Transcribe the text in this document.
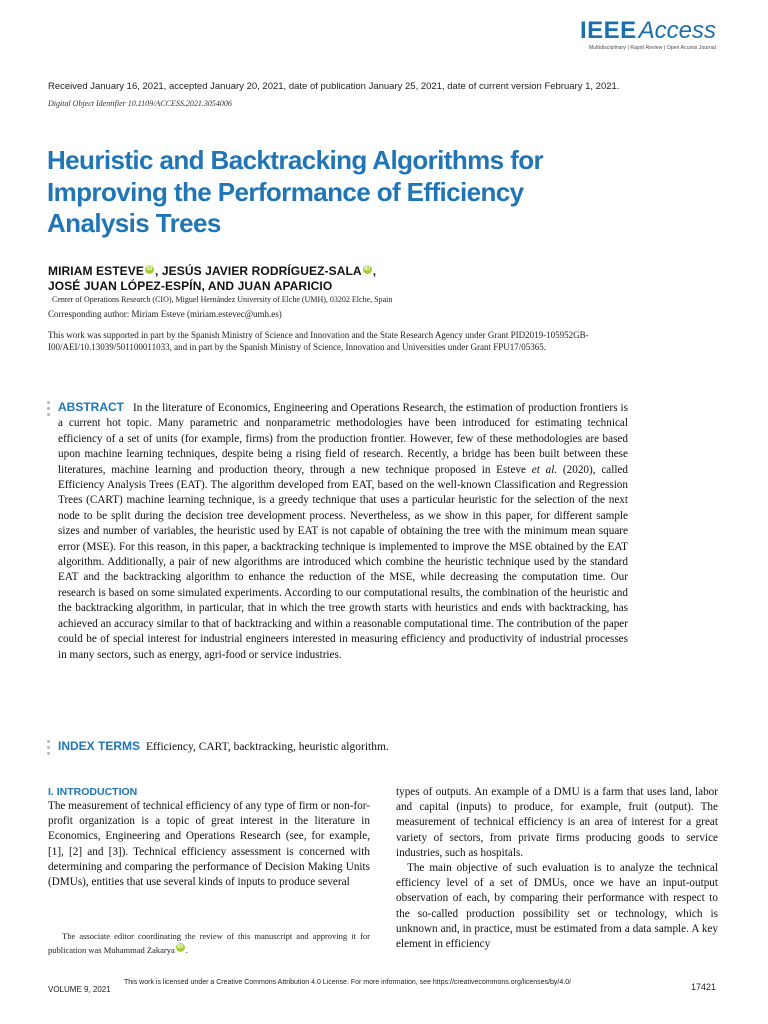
IEEEAccess
Multidisciplinary | Rapid Review | Open Access Journal
Received January 16, 2021, accepted January 20, 2021, date of publication January 25, 2021, date of current version February 1, 2021.
Digital Object Identifier 10.1109/ACCESS.2021.3054006
Heuristic and Backtracking Algorithms for Improving the Performance of Efficiency Analysis Trees
MIRIAM ESTEVE iD , JESÚS JAVIER RODRÍGUEZ-SALA iD ,
JOSÉ JUAN LÓPEZ-ESPÍN, AND JUAN APARICIO
Center of Operations Research (CIO), Miguel Hernández University of Elche (UMH), 03202 Elche, Spain
Corresponding author: Miriam Esteve (miriam.estevec@umh.es)
This work was supported in part by the Spanish Ministry of Science and Innovation and the State Research Agency under Grant PID2019-105952GB-I00/AEI/10.13039/501100011033, and in part by the Spanish Ministry of Science, Innovation and Universities under Grant FPU17/05365.
ABSTRACT In the literature of Economics, Engineering and Operations Research, the estimation of production frontiers is a current hot topic. Many parametric and nonparametric methodologies have been introduced for estimating technical efficiency of a set of units (for example, firms) from the production frontier. However, few of these methodologies are based upon machine learning techniques, despite being a rising field of research. Recently, a bridge has been built between these literatures, machine learning and production theory, through a new technique proposed in Esteve et al. (2020), called Efficiency Analysis Trees (EAT). The algorithm developed from EAT, based on the well-known Classification and Regression Trees (CART) machine learning technique, is a greedy technique that uses a particular heuristic for the selection of the next node to be split during the decision tree development process. Nevertheless, as we show in this paper, for different sample sizes and number of variables, the heuristic used by EAT is not capable of obtaining the tree with the minimum mean square error (MSE). For this reason, in this paper, a backtracking technique is implemented to improve the MSE obtained by the EAT algorithm. Additionally, a pair of new algorithms are introduced which combine the heuristic technique used by the standard EAT and the backtracking algorithm to enhance the reduction of the MSE, while decreasing the computation time. Our research is based on some simulated experiments. According to our computational results, the combination of the heuristic and the backtracking algorithm, in particular, that in which the tree growth starts with heuristics and ends with backtracking, has achieved an accuracy similar to that of backtracking and within a reasonable computational time. The contribution of the paper could be of special interest for industrial engineers interested in measuring efficiency and productivity of industrial processes in many sectors, such as energy, agri-food or service industries.
INDEX TERMS Efficiency, CART, backtracking, heuristic algorithm.
I. INTRODUCTION

The measurement of technical efficiency of any type of firm or non-for-profit organization is a topic of great interest in the literature in Economics, Engineering and Operations Research (see, for example, [1], [2] and [3]). Technical efficiency assessment is concerned with determining and comparing the performance of Decision Making Units (DMUs), entities that use several kinds of inputs to produce several

types of outputs. An example of a DMU is a farm that uses land, labor and capital (inputs) to produce, for example, fruit (output). The measurement of technical efficiency is an area of interest for a great variety of sectors, from private firms producing goods to service industries, such as hospitals.

The main objective of such evaluation is to analyze the technical efficiency level of a set of DMUs, once we have an input-output observation of each, by comparing their performance with respect to the so-called production possibility set or technology, which is unknown and, in practice, must be estimated from a data sample. A key element in efficiency

The associate editor coordinating the review of this manuscript and approving it for publication was Muhammad Zakarya iD .
VOLUME 9, 2021
This work is licensed under a Creative Commons Attribution 4.0 License. For more information, see https://creativecommons.org/licenses/by/4.0/	17421
